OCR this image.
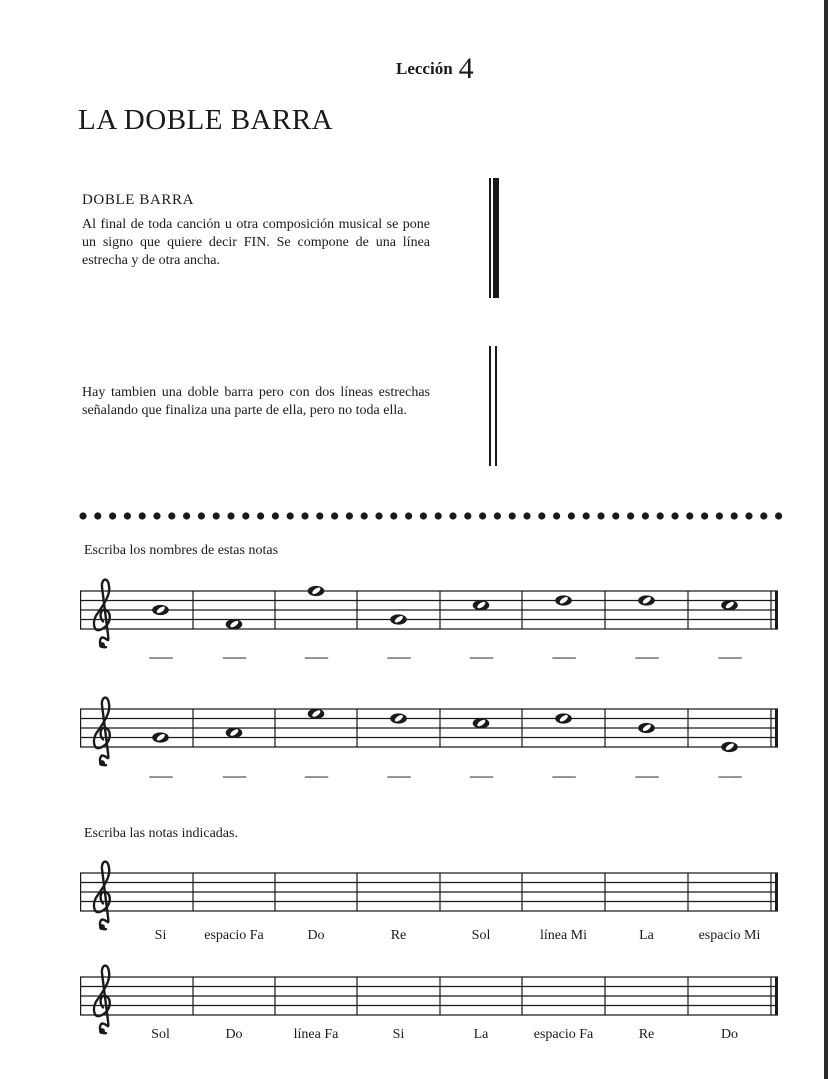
Lección 4
LA DOBLE BARRA
DOBLE BARRA
Al final de toda canción u otra composición musical se pone un signo que quiere decir FIN. Se compone de una línea estrecha y de otra ancha.
Hay tambien una doble barra pero con dos líneas estrechas señalando que finaliza una parte de ella, pero no toda ella.
Escriba los nombres de estas notas
Escriba las notas indicadas.
-------	-------	-------	-------	-------	-------	-------	-------
-------	-------	-------	-------	-------	-------	-------	-------
Si	espacio Fa	Do	Re	Sol	línea Mi	La	espacio Mi
Sol	Do	línea Fa	Si	La	espacio Fa	Re	Do
